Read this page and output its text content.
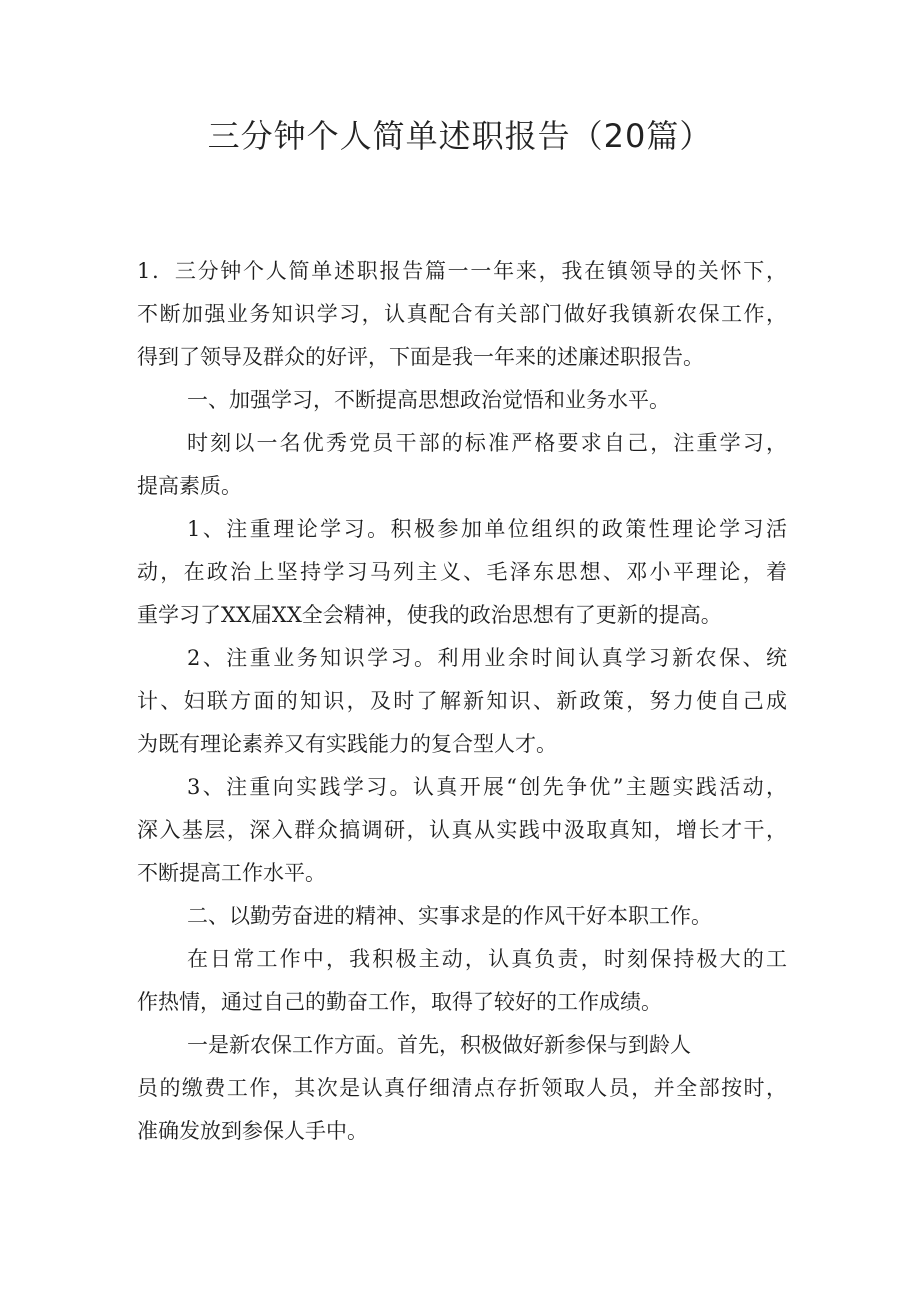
三分钟个人简单述职报告（20篇）
1．三分钟个人简单述职报告篇一一年来，我在镇领导的关怀下，
不断加强业务知识学习，认真配合有关部门做好我镇新农保工作，
得到了领导及群众的好评，下面是我一年来的述廉述职报告。
一、加强学习，不断提高思想政治觉悟和业务水平。
时刻以一名优秀党员干部的标准严格要求自己，注重学习，
提高素质。
1、注重理论学习。积极参加单位组织的政策性理论学习活
动，在政治上坚持学习马列主义、毛泽东思想、邓小平理论，着
重学习了XX届XX全会精神，使我的政治思想有了更新的提高。
2、注重业务知识学习。利用业余时间认真学习新农保、统
计、妇联方面的知识，及时了解新知识、新政策，努力使自己成
为既有理论素养又有实践能力的复合型人才。
3、注重向实践学习。认真开展“创先争优”主题实践活动，
深入基层，深入群众搞调研，认真从实践中汲取真知，增长才干，
不断提高工作水平。
二、以勤劳奋进的精神、实事求是的作风干好本职工作。
在日常工作中，我积极主动，认真负责，时刻保持极大的工
作热情，通过自己的勤奋工作，取得了较好的工作成绩。
一是新农保工作方面。首先，积极做好新参保与到龄人
员的缴费工作，其次是认真仔细清点存折领取人员，并全部按时，
准确发放到参保人手中。
